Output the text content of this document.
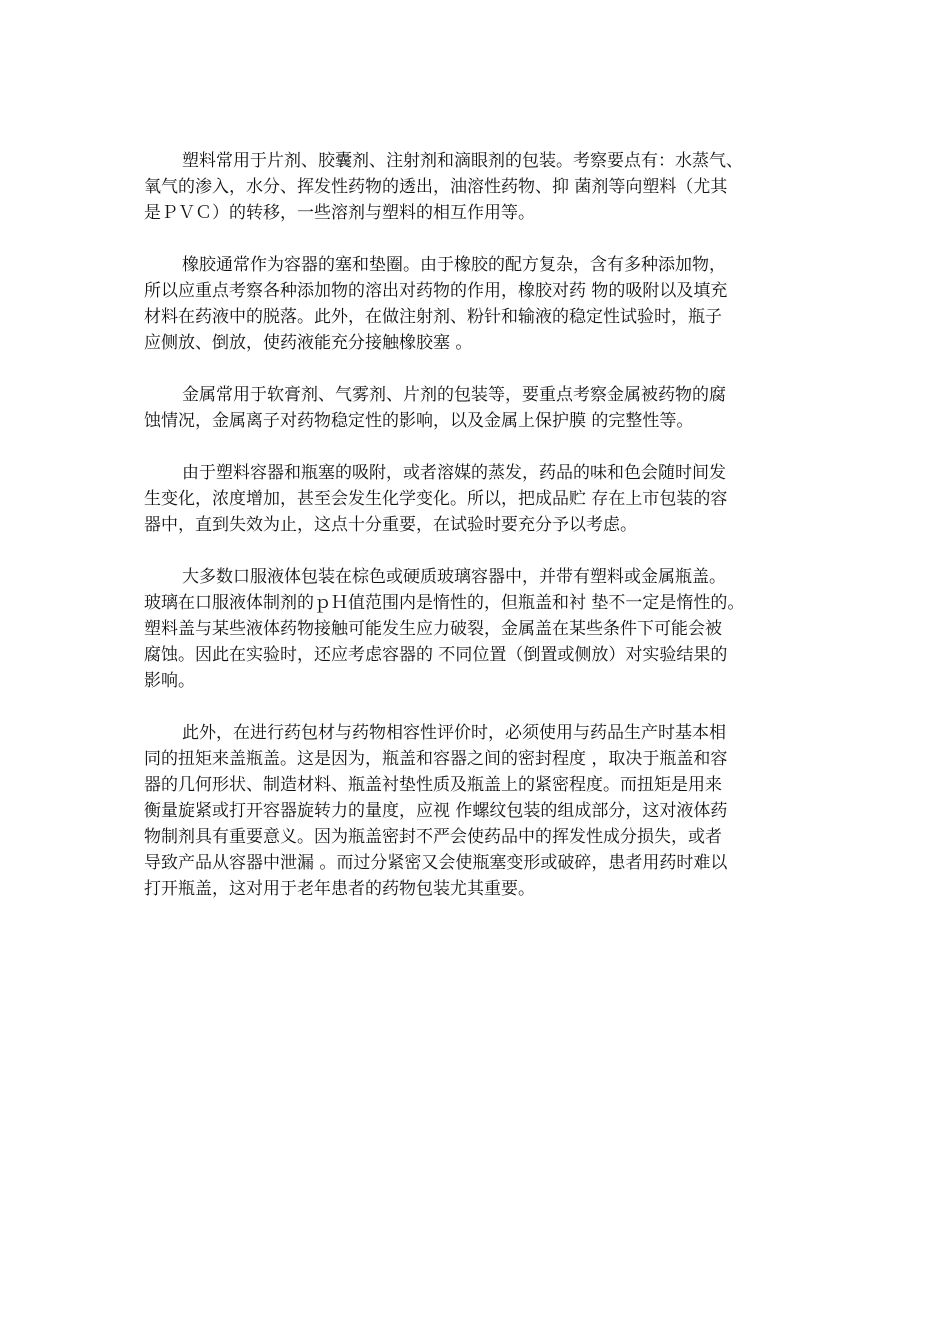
塑料常用于片剂、胶囊剂、注射剂和滴眼剂的包装。考察要点有：水蒸气、
氧气的渗入，水分、挥发性药物的透出，油溶性药物、抑 菌剂等向塑料（尤其
是ＰＶＣ）的转移，一些溶剂与塑料的相互作用等。

橡胶通常作为容器的塞和垫圈。由于橡胶的配方复杂，含有多种添加物，
所以应重点考察各种添加物的溶出对药物的作用，橡胶对药 物的吸附以及填充
材料在药液中的脱落。此外，在做注射剂、粉针和输液的稳定性试验时，瓶子
应侧放、倒放，使药液能充分接触橡胶塞 。

金属常用于软膏剂、气雾剂、片剂的包装等，要重点考察金属被药物的腐
蚀情况，金属离子对药物稳定性的影响，以及金属上保护膜 的完整性等。

由于塑料容器和瓶塞的吸附，或者溶媒的蒸发，药品的味和色会随时间发
生变化，浓度增加，甚至会发生化学变化。所以，把成品贮 存在上市包装的容
器中，直到失效为止，这点十分重要，在试验时要充分予以考虑。

大多数口服液体包装在棕色或硬质玻璃容器中，并带有塑料或金属瓶盖。
玻璃在口服液体制剂的ｐＨ值范围内是惰性的，但瓶盖和衬 垫不一定是惰性的。
塑料盖与某些液体药物接触可能发生应力破裂，金属盖在某些条件下可能会被
腐蚀。因此在实验时，还应考虑容器的 不同位置（倒置或侧放）对实验结果的
影响。

此外，在进行药包材与药物相容性评价时，必须使用与药品生产时基本相
同的扭矩来盖瓶盖。这是因为，瓶盖和容器之间的密封程度 ，取决于瓶盖和容
器的几何形状、制造材料、瓶盖衬垫性质及瓶盖上的紧密程度。而扭矩是用来
衡量旋紧或打开容器旋转力的量度，应视 作螺纹包装的组成部分，这对液体药
物制剂具有重要意义。因为瓶盖密封不严会使药品中的挥发性成分损失，或者
导致产品从容器中泄漏 。而过分紧密又会使瓶塞变形或破碎，患者用药时难以
打开瓶盖，这对用于老年患者的药物包装尤其重要。
